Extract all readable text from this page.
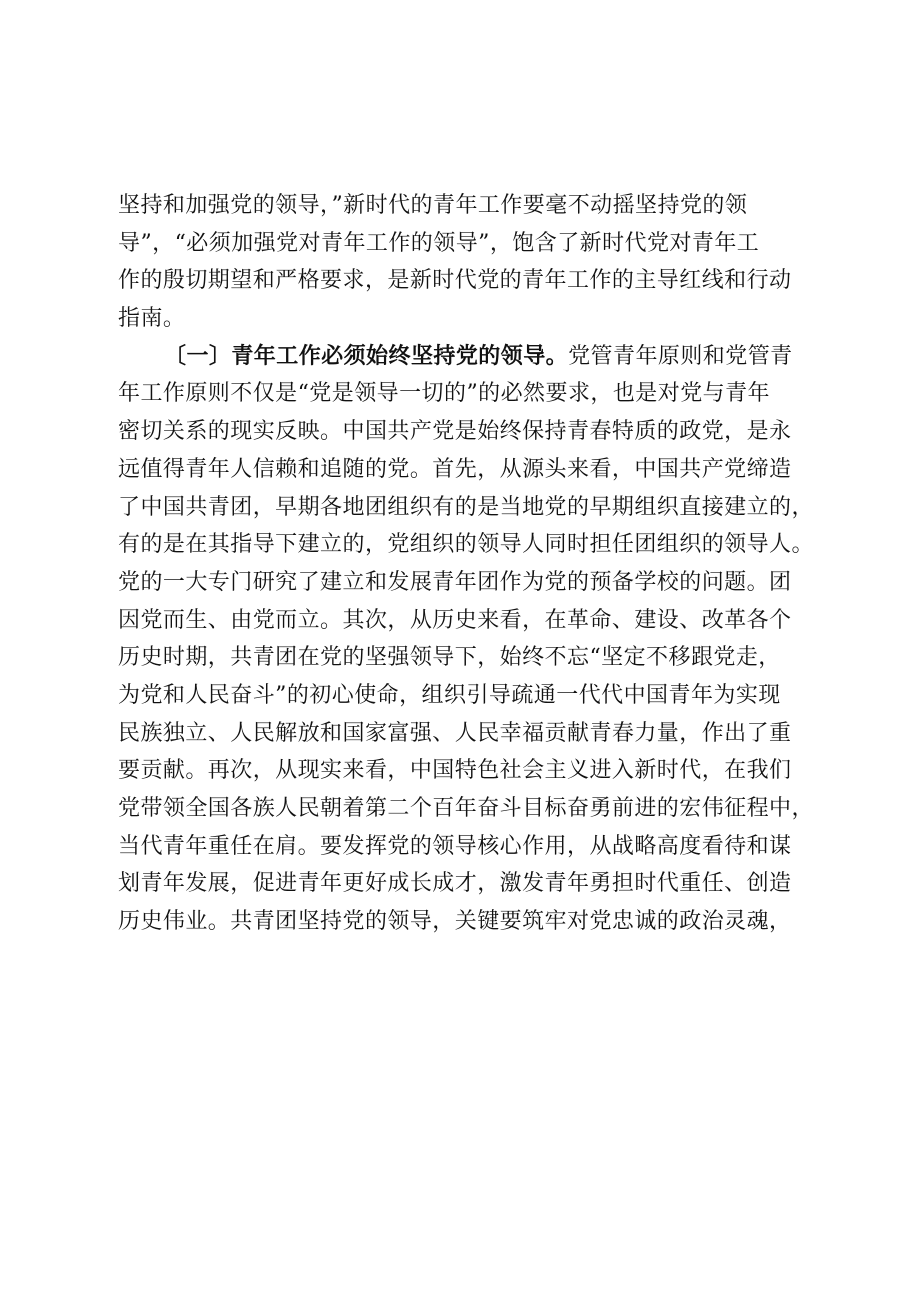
坚持和加强党的领导，”新时代的青年工作要毫不动摇坚持党的领
导”，“必须加强党对青年工作的领导”，饱含了新时代党对青年工
作的殷切期望和严格要求，是新时代党的青年工作的主导红线和行动
指南。
〔一〕青年工作必须始终坚持党的领导。党管青年原则和党管青
年工作原则不仅是“党是领导一切的”的必然要求，也是对党与青年
密切关系的现实反映。中国共产党是始终保持青春特质的政党，是永
远值得青年人信赖和追随的党。首先，从源头来看，中国共产党缔造
了中国共青团，早期各地团组织有的是当地党的早期组织直接建立的，
有的是在其指导下建立的，党组织的领导人同时担任团组织的领导人。
党的一大专门研究了建立和发展青年团作为党的预备学校的问题。团
因党而生、由党而立。其次，从历史来看，在革命、建设、改革各个
历史时期，共青团在党的坚强领导下，始终不忘“坚定不移跟党走，
为党和人民奋斗”的初心使命，组织引导疏通一代代中国青年为实现
民族独立、人民解放和国家富强、人民幸福贡献青春力量，作出了重
要贡献。再次，从现实来看，中国特色社会主义进入新时代，在我们
党带领全国各族人民朝着第二个百年奋斗目标奋勇前进的宏伟征程中，
当代青年重任在肩。要发挥党的领导核心作用，从战略高度看待和谋
划青年发展，促进青年更好成长成才，激发青年勇担时代重任、创造
历史伟业。共青团坚持党的领导，关键要筑牢对党忠诚的政治灵魂，
